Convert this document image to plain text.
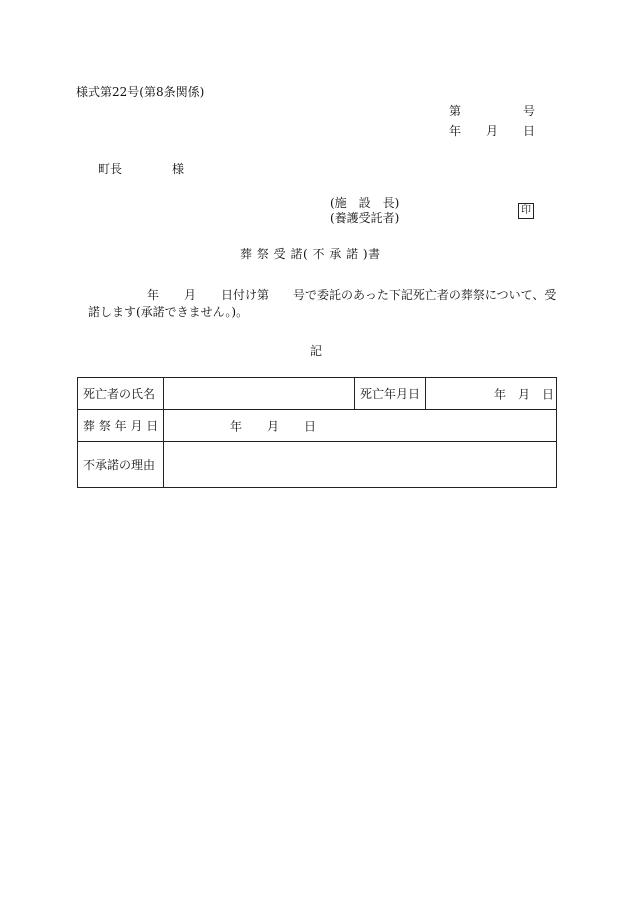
様式第22号(第8条関係)
第	号
年 月 日
町長	様
(施　設　長)
(養護受託者)
印
葬 祭 受 諾( 不 承 諾 )書
年 月 日付け第 号で委託のあった下記死亡者の葬祭について、受
諾します(承諾できません。)。
記
死亡者の氏名		死亡年月日	年 月 日

葬 祭 年 月 日	年 月 日		

不承諾の理由			
